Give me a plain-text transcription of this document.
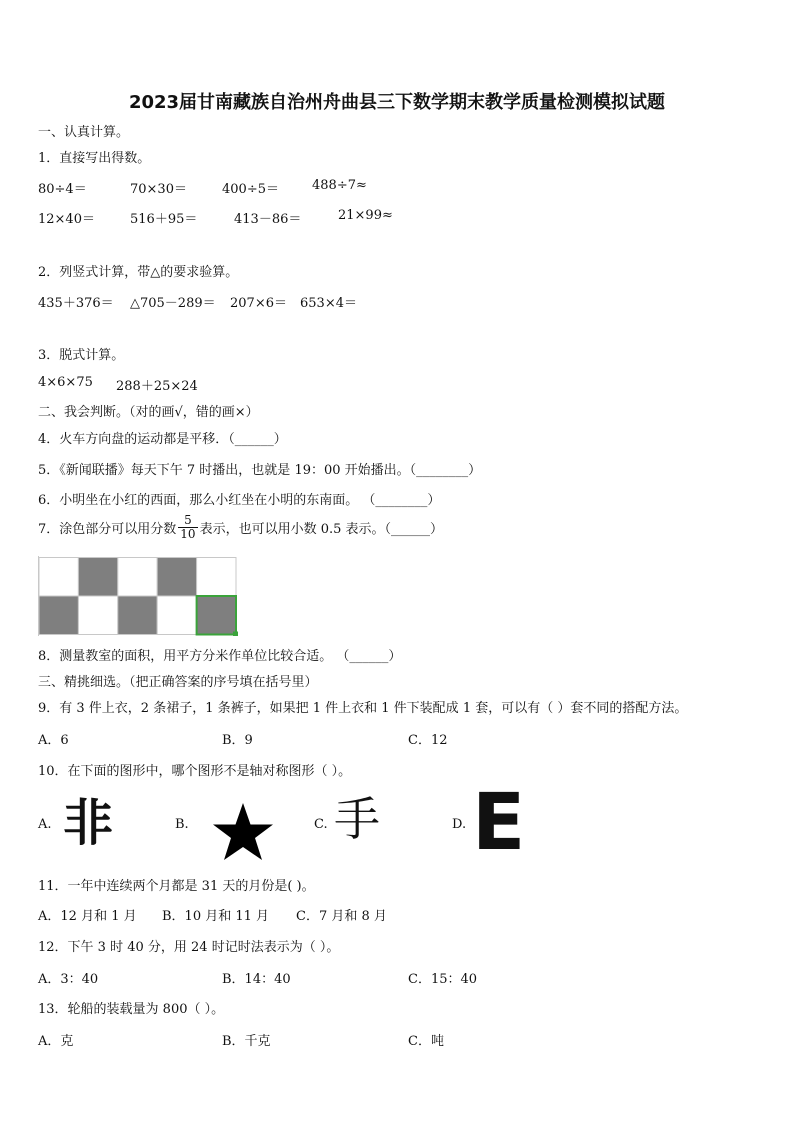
2023届甘南藏族自治州舟曲县三下数学期末教学质量检测模拟试题
一、认真计算。
1．直接写出得数。
80÷4＝	70×30＝	400÷5＝	488÷7≈
12×40＝	516＋95＝	413－86＝	21×99≈
2．列竖式计算，带△的要求验算。
435＋376＝ △705－289＝ 207×6＝ 653×4＝
3．脱式计算。
4×6×75 288＋25×24
二、我会判断。（对的画√，错的画×）
4．火车方向盘的运动都是平移．（______）
5．《新闻联播》每天下午 7 时播出，也就是 19：00 开始播出。（________）
6．小明坐在小红的西面，那么小红坐在小明的东南面。 （________）
7．涂色部分可以用分数 $\frac{5}{10}$ 表示，也可以用小数 0.5 表示。（______）
8．测量教室的面积，用平方分米作单位比较合适。 （______）
三、精挑细选。（把正确答案的序号填在括号里）
9．有 3 件上衣，2 条裙子，1 条裤子，如果把 1 件上衣和 1 件下装配成 1 套，可以有（ ）套不同的搭配方法。
A．6	B．9	C．12
10．在下面的图形中，哪个图形不是轴对称图形（ ）。
A. 非	B.	C. 手	D. E
11．一年中连续两个月都是 31 天的月份是( )。
A．12 月和 1 月 B．10 月和 11 月 C．7 月和 8 月
12．下午 3 时 40 分，用 24 时记时法表示为（ ）。
A．3：40	B．14：40	C．15：40
13．轮船的装载量为 800（ ）。
A．克	B．千克	C．吨
